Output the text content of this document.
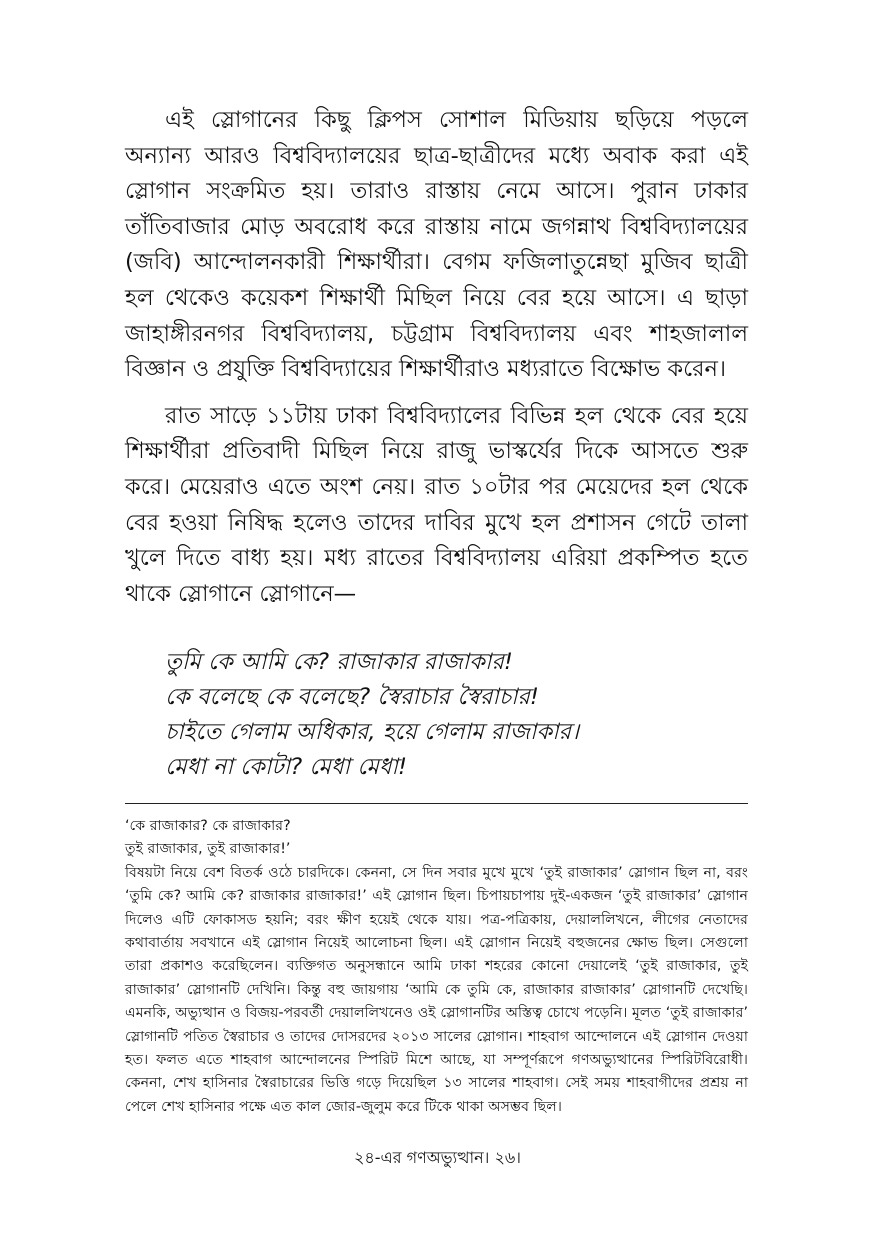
এই স্লোগানের কিছু ক্লিপস সোশাল মিডিয়ায় ছড়িয়ে পড়লে অন্যান্য আরও বিশ্ববিদ্যালয়ের ছাত্র-ছাত্রীদের মধ্যে অবাক করা এই স্লোগান সংক্রমিত হয়। তারাও রাস্তায় নেমে আসে। পুরান ঢাকার তাঁতিবাজার মোড় অবরোধ করে রাস্তায় নামে জগন্নাথ বিশ্ববিদ্যালয়ের (জবি) আন্দোলনকারী শিক্ষার্থীরা। বেগম ফজিলাতুন্নেছা মুজিব ছাত্রী হল থেকেও কয়েকশ শিক্ষার্থী মিছিল নিয়ে বের হয়ে আসে। এ ছাড়া জাহাঙ্গীরনগর বিশ্ববিদ্যালয়, চট্টগ্রাম বিশ্ববিদ্যালয় এবং শাহজালাল বিজ্ঞান ও প্রযুক্তি বিশ্ববিদ্যায়ের শিক্ষার্থীরাও মধ্যরাতে বিক্ষোভ করেন।

রাত সাড়ে ১১টায় ঢাকা বিশ্ববিদ্যালের বিভিন্ন হল থেকে বের হয়ে শিক্ষার্থীরা প্রতিবাদী মিছিল নিয়ে রাজু ভাস্কর্যের দিকে আসতে শুরু করে। মেয়েরাও এতে অংশ নেয়। রাত ১০টার পর মেয়েদের হল থেকে বের হওয়া নিষিদ্ধ হলেও তাদের দাবির মুখে হল প্রশাসন গেটে তালা খুলে দিতে বাধ্য হয়। মধ্য রাতের বিশ্ববিদ্যালয় এরিয়া প্রকম্পিত হতে থাকে স্লোগানে স্লোগানে—

তুমি কে আমি কে? রাজাকার রাজাকার!
কে বলেছে কে বলেছে? স্বৈরাচার স্বৈরাচার!
চাইতে গেলাম অধিকার, হয়ে গেলাম রাজাকার।
মেধা না কোটা? মেধা মেধা!

‘কে রাজাকার? কে রাজাকার?

তুই রাজাকার, তুই রাজাকার!’

বিষয়টা নিয়ে বেশ বিতর্ক ওঠে চারদিকে। কেননা, সে দিন সবার মুখে মুখে ‘তুই রাজাকার’ স্লোগান ছিল না, বরং ‘তুমি কে? আমি কে? রাজাকার রাজাকার!’ এই স্লোগান ছিল। চিপায়চাপায় দুই-একজন ‘তুই রাজাকার’ স্লোগান দিলেও এটি ফোকাসড হয়নি; বরং ক্ষীণ হয়েই থেকে যায়। পত্র-পত্রিকায়, দেয়াললিখনে, লীগের নেতাদের কথাবার্তায় সবখানে এই স্লোগান নিয়েই আলোচনা ছিল। এই স্লোগান নিয়েই বহুজনের ক্ষোভ ছিল। সেগুলো তারা প্রকাশও করেছিলেন। ব্যক্তিগত অনুসন্ধানে আমি ঢাকা শহরের কোনো দেয়ালেই ‘তুই রাজাকার, তুই রাজাকার’ স্লোগানটি দেখিনি। কিন্তু বহু জায়গায় ‘আমি কে তুমি কে, রাজাকার রাজাকার’ স্লোগানটি দেখেছি। এমনকি, অভ্যুত্থান ও বিজয়-পরবর্তী দেয়াললিখনেও ওই স্লোগানটির অস্তিত্ব চোখে পড়েনি। মূলত ‘তুই রাজাকার’ স্লোগানটি পতিত স্বৈরাচার ও তাদের দোসরদের ২০১৩ সালের স্লোগান। শাহবাগ আন্দোলনে এই স্লোগান দেওয়া হত। ফলত এতে শাহবাগ আন্দোলনের স্পিরিট মিশে আছে, যা সম্পূর্ণরূপে গণঅভ্যুত্থানের স্পিরিটবিরোধী। কেননা, শেখ হাসিনার স্বৈরাচারের ভিত্তি গড়ে দিয়েছিল ১৩ সালের শাহবাগ। সেই সময় শাহবাগীদের প্রশ্রয় না পেলে শেখ হাসিনার পক্ষে এত কাল জোর-জুলুম করে টিকে থাকা অসম্ভব ছিল।

২৪-এর গণঅভ্যুত্থান। ২৬।
